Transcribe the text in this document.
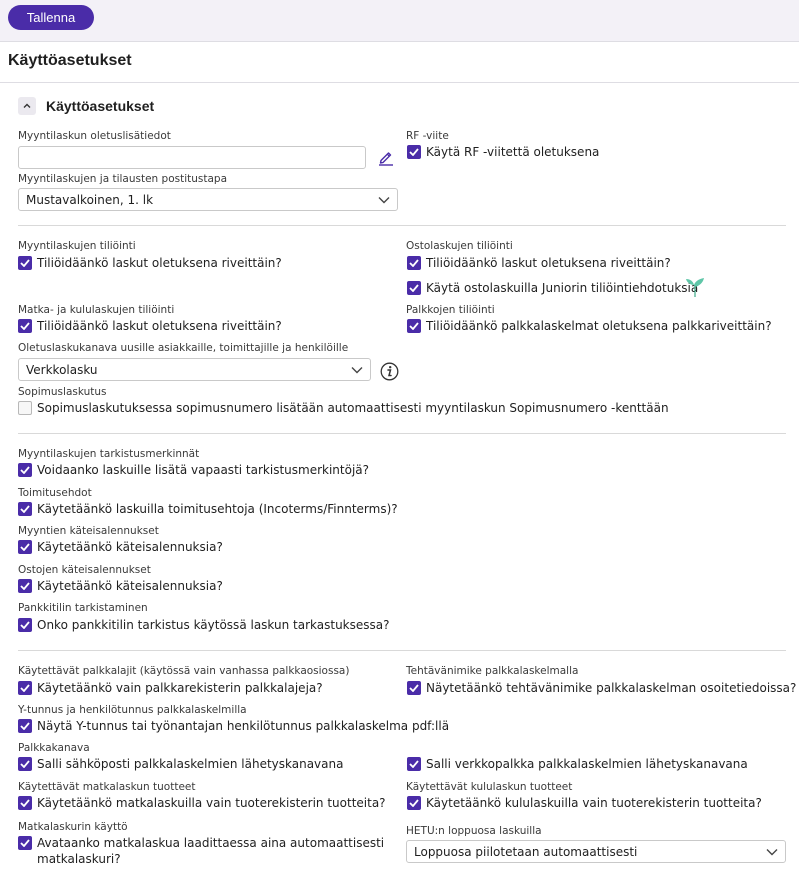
Tallenna
Käyttöasetukset
Käyttöasetukset
Myyntilaskun oletuslisätiedot
Myyntilaskujen ja tilausten postitustapa
Mustavalkoinen, 1. lk
RF -viite
Käytä RF -viitettä oletuksena
Myyntilaskujen tiliöinti
Tiliöidäänkö laskut oletuksena riveittäin?
Ostolaskujen tiliöinti
Tiliöidäänkö laskut oletuksena riveittäin?
Käytä ostolaskuilla Juniorin tiliöintiehdotuksia
Matka- ja kululaskujen tiliöinti
Tiliöidäänkö laskut oletuksena riveittäin?
Palkkojen tiliöinti
Tiliöidäänkö palkkalaskelmat oletuksena palkkariveittäin?
Oletuslaskukanava uusille asiakkaille, toimittajille ja henkilöille
Verkkolasku
Sopimuslaskutus
Sopimuslaskutuksessa sopimusnumero lisätään automaattisesti myyntilaskun Sopimusnumero -kenttään
Myyntilaskujen tarkistusmerkinnät
Voidaanko laskuille lisätä vapaasti tarkistusmerkintöjä?
Toimitusehdot
Käytetäänkö laskuilla toimitusehtoja (Incoterms/Finnterms)?
Myyntien käteisalennukset
Käytetäänkö käteisalennuksia?
Ostojen käteisalennukset
Käytetäänkö käteisalennuksia?
Pankkitilin tarkistaminen
Onko pankkitilin tarkistus käytössä laskun tarkastuksessa?
Käytettävät palkkalajit (käytössä vain vanhassa palkkaosiossa)
Käytetäänkö vain palkkarekisterin palkkalajeja?
Tehtävänimike palkkalaskelmalla
Näytetäänkö tehtävänimike palkkalaskelman osoitetiedoissa?
Y-tunnus ja henkilötunnus palkkalaskelmilla
Näytä Y-tunnus tai työnantajan henkilötunnus palkkalaskelma pdf:llä
Palkkakanava
Salli sähköposti palkkalaskelmien lähetyskanavana	Salli verkkopalkka palkkalaskelmien lähetyskanavana
Käytettävät matkalaskun tuotteet
Käytetäänkö matkalaskuilla vain tuoterekisterin tuotteita?
Käytettävät kululaskun tuotteet
Käytetäänkö kululaskuilla vain tuoterekisterin tuotteita?
Matkalaskurin käyttö
Avataanko matkalaskua laadittaessa aina automaattisesti
matkalaskuri?
HETU:n loppuosa laskuilla
Loppuosa piilotetaan automaattisesti
